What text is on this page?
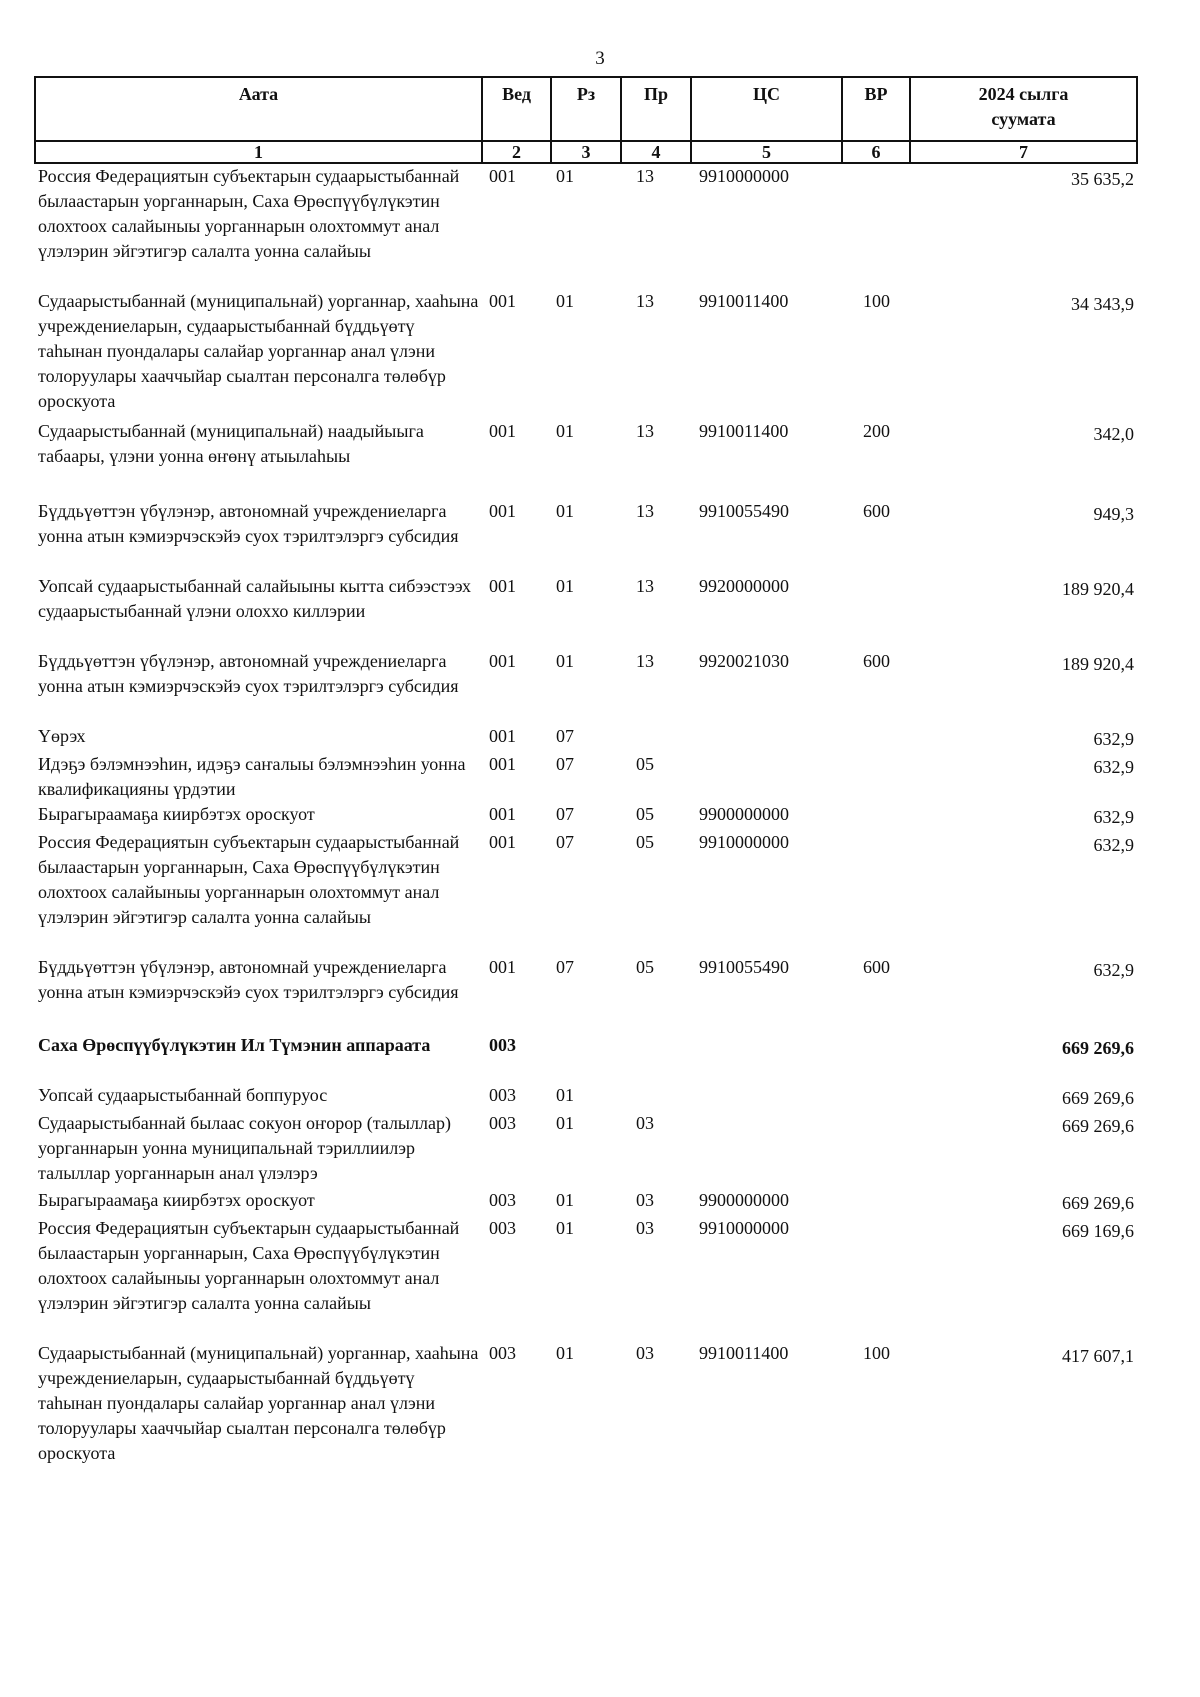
3
Аата	Вед	Рз	Пр	ЦС	ВР	2024 сылга
суумата
1	2	3	4	5	6	7
Россия Федерациятын субъектарын судаарыстыбаннай былаастарын уорганнарын, Саха Өрөспүүбүлүкэтин олохтоох салайыныы уорганнарын олохтоммут анал үлэлэрин эйгэтигэр салалта уонна салайыы	001	01	13	9910000000		35 635,2
Судаарыстыбаннай (муниципальнай) уорганнар, хааһына учреждениеларын, судаарыстыбаннай бүддьүөтү таһынан пуондалары салайар уорганнар анал үлэни толоруулары хааччыйар сыалтан персоналга төлөбүр ороскуота	001	01	13	9910011400	100	34 343,9
Судаарыстыбаннай (муниципальнай) наадыйыыга табаары, үлэни уонна өҥөнү атыылаһыы	001	01	13	9910011400	200	342,0
Бүддьүөттэн үбүлэнэр, автономнай учреждениеларга уонна атын кэмиэрчэскэйэ суох тэрилтэлэргэ субсидия	001	01	13	9910055490	600	949,3
Уопсай судаарыстыбаннай салайыыны кытта сибээстээх судаарыстыбаннай үлэни олоххо киллэрии	001	01	13	9920000000		189 920,4
Бүддьүөттэн үбүлэнэр, автономнай учреждениеларга уонна атын кэмиэрчэскэйэ суох тэрилтэлэргэ субсидия	001	01	13	9920021030	600	189 920,4
Үөрэх	001	07				632,9
Идэҕэ бэлэмнээһин, идэҕэ саҥалыы бэлэмнээһин уонна квалификацияны үрдэтии	001	07	05			632,9
Бырагыраамаҕа киирбэтэх ороскуот	001	07	05	9900000000		632,9
Россия Федерациятын субъектарын судаарыстыбаннай былаастарын уорганнарын, Саха Өрөспүүбүлүкэтин олохтоох салайыныы уорганнарын олохтоммут анал үлэлэрин эйгэтигэр салалта уонна салайыы	001	07	05	9910000000		632,9
Бүддьүөттэн үбүлэнэр, автономнай учреждениеларга уонна атын кэмиэрчэскэйэ суох тэрилтэлэргэ субсидия	001	07	05	9910055490	600	632,9
Саха Өрөспүүбүлүкэтин Ил Түмэнин аппараата	003					669 269,6
Уопсай судаарыстыбаннай боппуруос	003	01				669 269,6
Судаарыстыбаннай былаас сокуон оҥорор (талыллар) уорганнарын уонна муниципальнай тэриллиилэр талыллар уорганнарын анал үлэлэрэ	003	01	03			669 269,6
Бырагыраамаҕа киирбэтэх ороскуот	003	01	03	9900000000		669 269,6
Россия Федерациятын субъектарын судаарыстыбаннай былаастарын уорганнарын, Саха Өрөспүүбүлүкэтин олохтоох салайыныы уорганнарын олохтоммут анал үлэлэрин эйгэтигэр салалта уонна салайыы	003	01	03	9910000000		669 169,6
Судаарыстыбаннай (муниципальнай) уорганнар, хааһына учреждениеларын, судаарыстыбаннай бүддьүөтү таһынан пуондалары салайар уорганнар анал үлэни толоруулары хааччыйар сыалтан персоналга төлөбүр ороскуота	003	01	03	9910011400	100	417 607,1
